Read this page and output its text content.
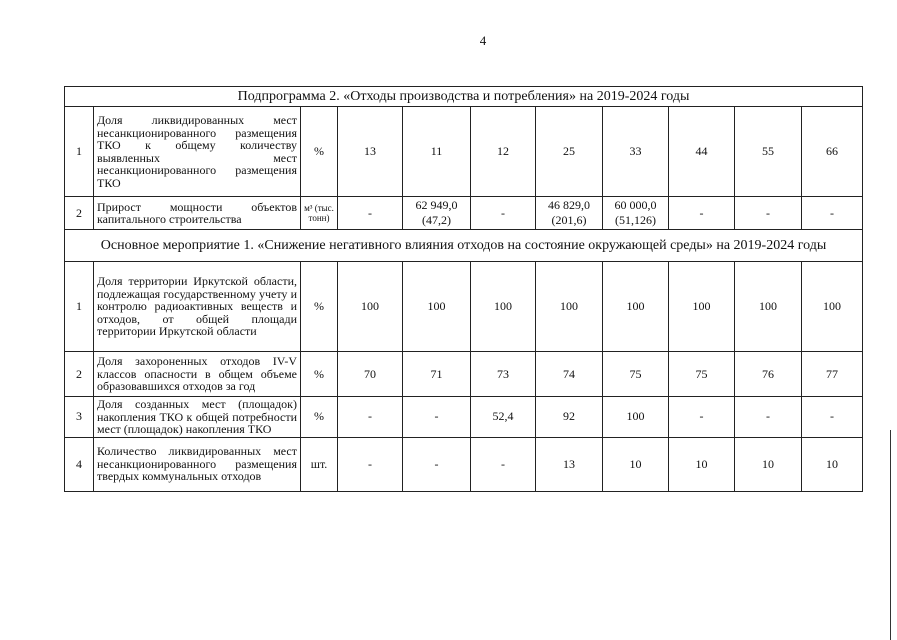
4
Подпрограмма 2. «Отходы производства и потребления» на 2019-2024 годы										
1	Доля ликвидированных мест несанкционированного размещения ТКО к общему количеству выявленных мест несанкционированного размещения ТКО	%	13	11	12	25	33	44	55	66
2	Прирост мощности объектов капитального строительства	м³ (тыс. тонн)	-	62 949,0 (47,2)	-	46 829,0 (201,6)	60 000,0 (51,126)	-	-	-
Основное мероприятие 1. «Снижение негативного влияния отходов на состояние окружающей среды» на 2019-2024 годы										
1	Доля территории Иркутской области, подлежащая государственному учету и контролю радиоактивных веществ и отходов, от общей площади территории Иркутской области	%	100	100	100	100	100	100	100	100
2	Доля захороненных отходов IV-V классов опасности в общем объеме образовавшихся отходов за год	%	70	71	73	74	75	75	76	77
3	Доля созданных мест (площадок) накопления ТКО к общей потребности мест (площадок) накопления ТКО	%	-	-	52,4	92	100	-	-	-
4	Количество ликвидированных мест несанкционированного размещения твердых коммунальных отходов	шт.	-	-	-	13	10	10	10	10
